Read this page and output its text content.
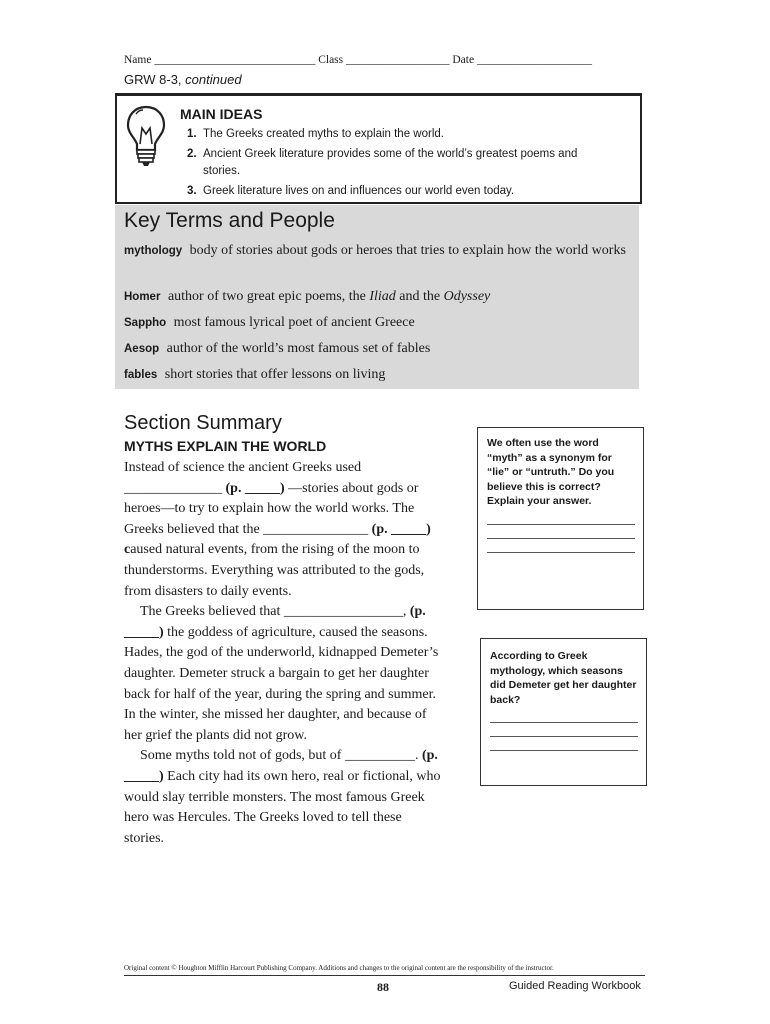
Name ____________________________ Class __________________ Date ____________________
GRW 8-3, continued
MAIN IDEAS
1. The Greeks created myths to explain the world.
2. Ancient Greek literature provides some of the world’s greatest poems and stories.
3. Greek literature lives on and influences our world even today.
Key Terms and People
mythology body of stories about gods or heroes that tries to explain how the world works
Homer author of two great epic poems, the Iliad and the Odyssey
Sappho most famous lyrical poet of ancient Greece
Aesop author of the world’s most famous set of fables
fables short stories that offer lessons on living
Section Summary
MYTHS EXPLAIN THE WORLD

Instead of science the ancient Greeks used ______________ (p. _____) —stories about gods or heroes—to try to explain how the world works. The Greeks believed that the _______________ (p. _____) caused natural events, from the rising of the moon to thunderstorms. Everything was attributed to the gods, from disasters to daily events.

The Greeks believed that _________________, (p. _____) the goddess of agriculture, caused the seasons. Hades, the god of the underworld, kidnapped Demeter’s daughter. Demeter struck a bargain to get her daughter back for half of the year, during the spring and summer. In the winter, she missed her daughter, and because of her grief the plants did not grow.

Some myths told not of gods, but of __________. (p. _____) Each city had its own hero, real or fictional, who would slay terrible monsters. The most famous Greek hero was Hercules. The Greeks loved to tell these stories.

We often use the word “myth” as a synonym for “lie” or “untruth.” Do you believe this is correct? Explain your answer.
According to Greek mythology, which seasons did Demeter get her daughter back?
Original content © Houghton Mifflin Harcourt Publishing Company. Additions and changes to the original content are the responsibility of the instructor.
88	Guided Reading Workbook
